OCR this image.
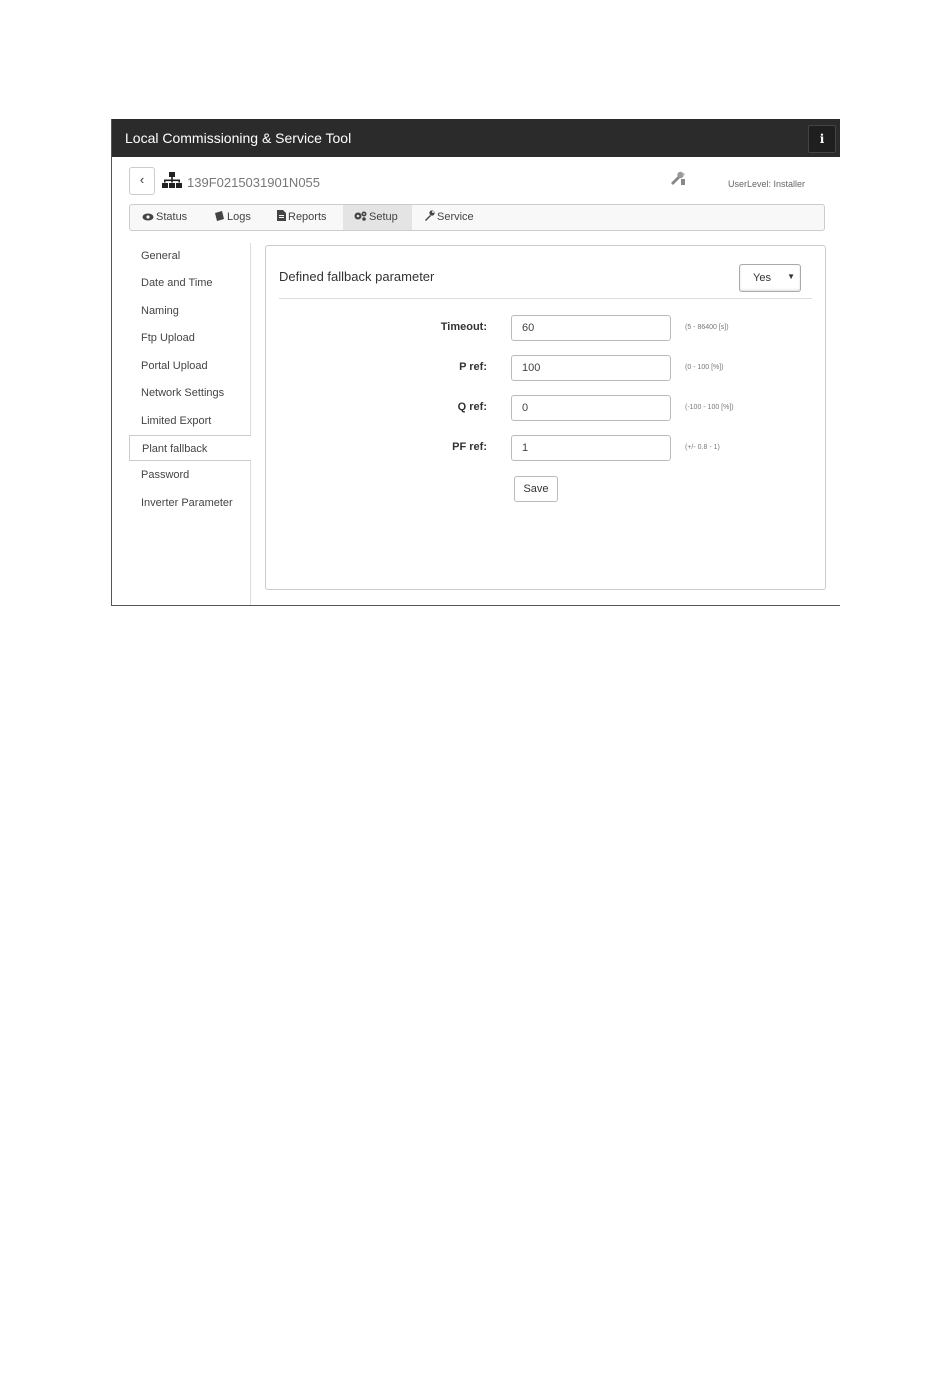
Local Commissioning & Service Tool	i
‹	139F0215031901N055	UserLevel: Installer
Status	Logs	Reports	Setup	Service
General
Date and Time
Naming
Ftp Upload
Portal Upload
Network Settings
Limited Export
Plant fallback
Password
Inverter Parameter
Defined fallback parameter	Yes ▼
Timeout:	60	(5 - 86400 [s])
P ref:	100	(0 - 100 [%])
Q ref:	0	(-100 - 100 [%])
PF ref:	1	(+/- 0.8 - 1)
Save
